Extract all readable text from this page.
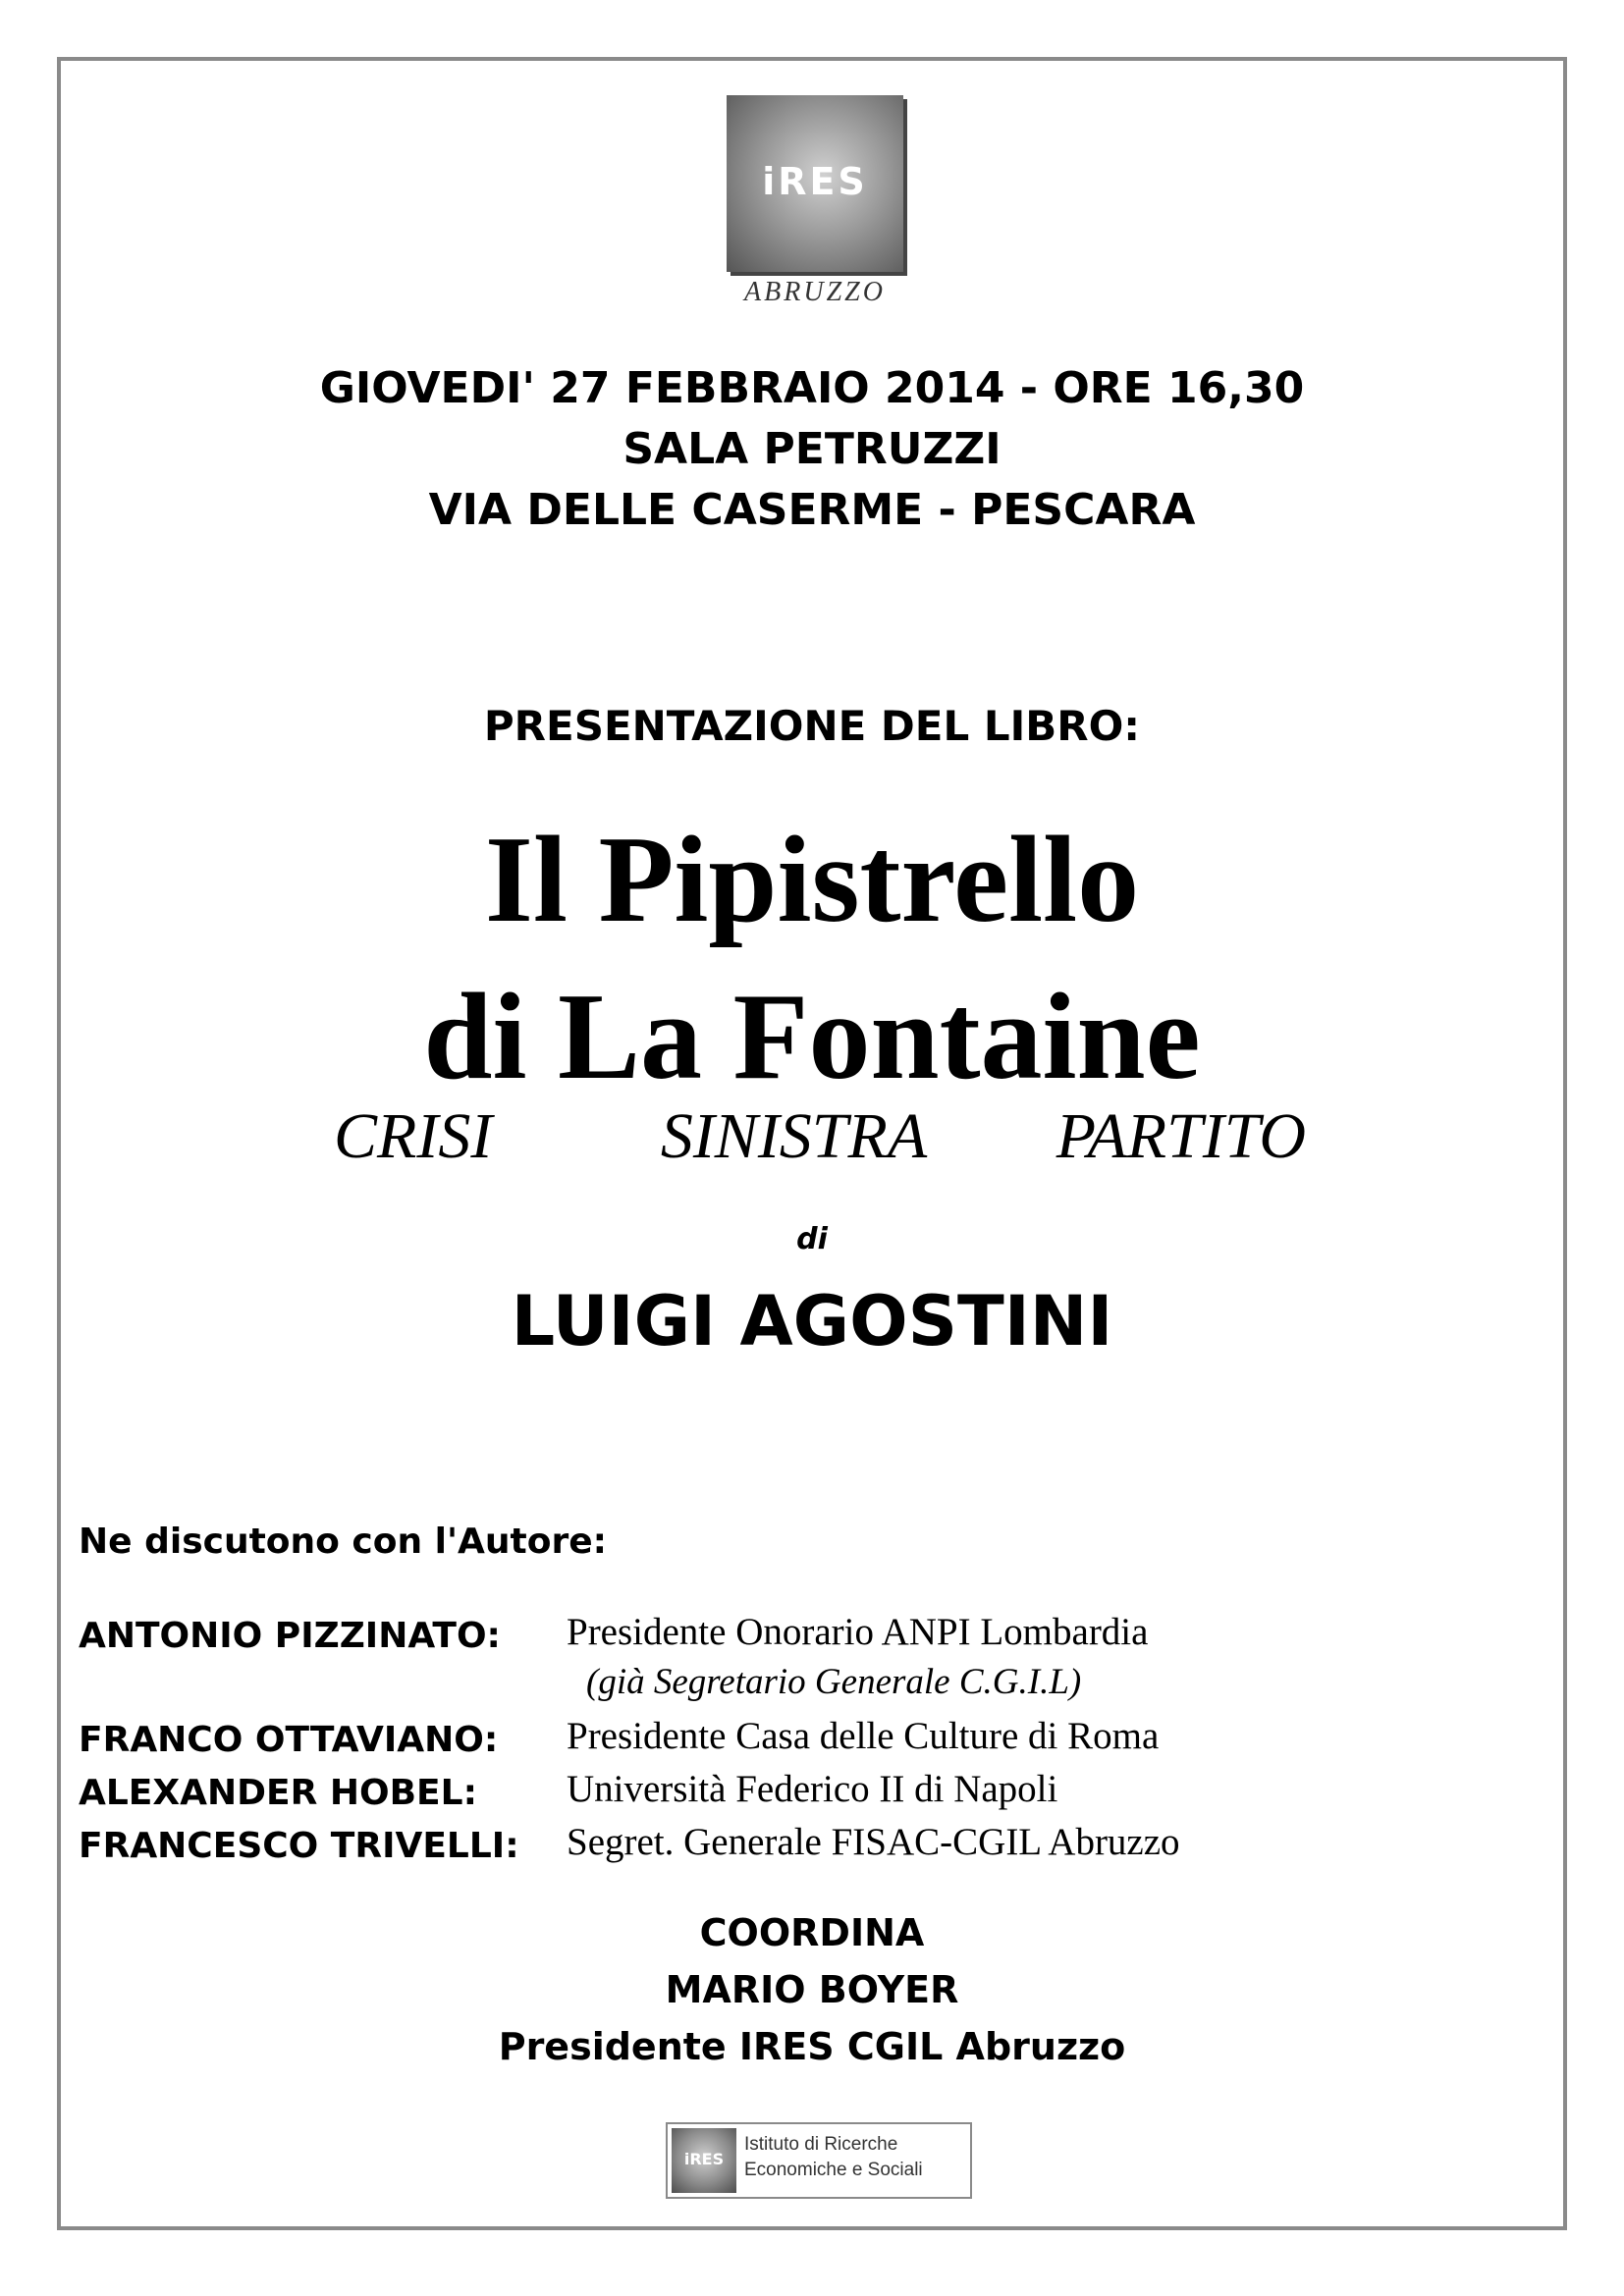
iRES
ABRUZZO
GIOVEDI' 27 FEBBRAIO 2014 - ORE 16,30
SALA PETRUZZI
VIA DELLE CASERME - PESCARA
PRESENTAZIONE DEL LIBRO:
Il Pipistrello
di La Fontaine
CRISI	SINISTRA PARTITO
di
LUIGI AGOSTINI
Ne discutono con l'Autore:
ANTONIO PIZZINATO: Presidente Onorario ANPI Lombardia
(già Segretario Generale C.G.I.L)
FRANCO OTTAVIANO: Presidente Casa delle Culture di Roma
ALEXANDER HOBEL: Università Federico II di Napoli
FRANCESCO TRIVELLI: Segret. Generale FISAC-CGIL Abruzzo
COORDINA
MARIO BOYER
Presidente IRES CGIL Abruzzo
iRES
Istituto di Ricerche
Economiche e Sociali
